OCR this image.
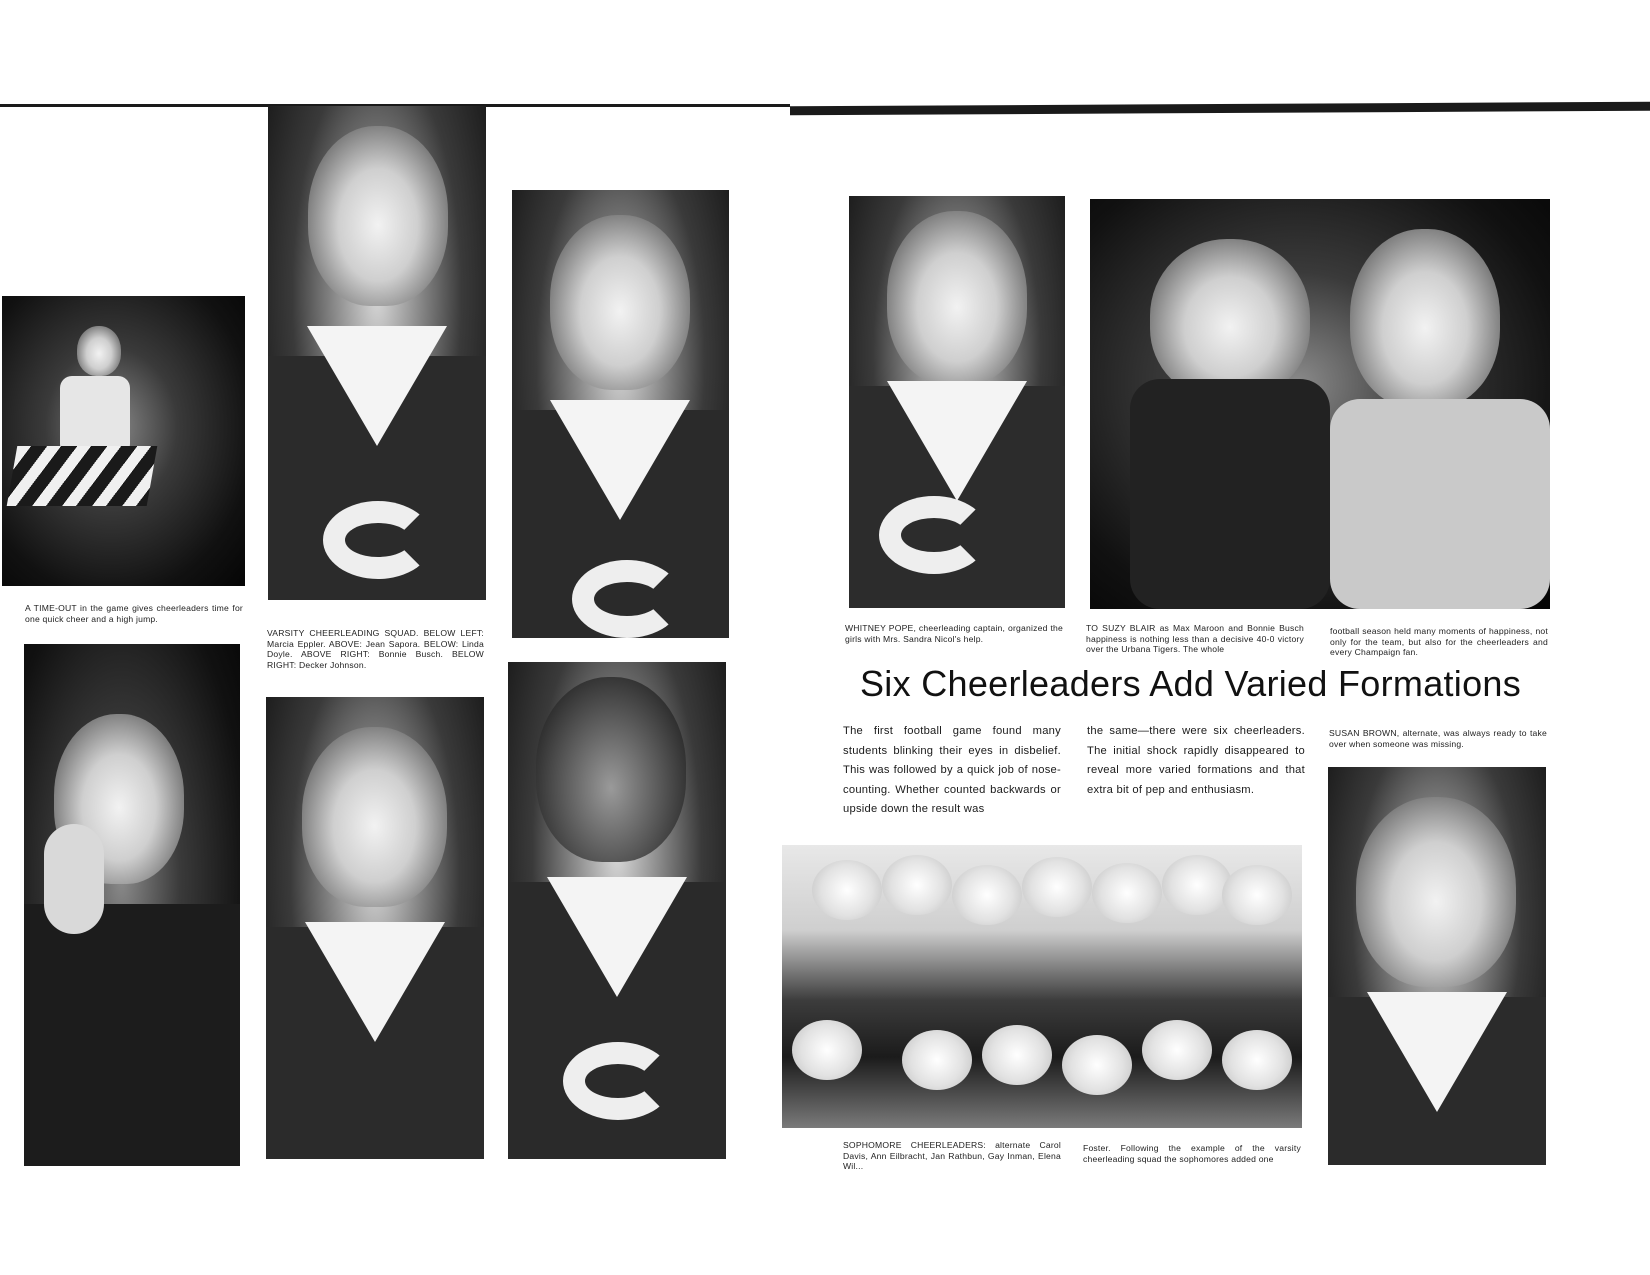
A TIME-OUT in the game gives cheerleaders time for one quick cheer and a high jump.
VARSITY CHEERLEADING SQUAD. BELOW LEFT: Marcia Eppler. ABOVE: Jean Sapora. BELOW: Linda Doyle. ABOVE RIGHT: Bonnie Busch. BELOW RIGHT: Decker Johnson.
WHITNEY POPE, cheerleading captain, organized the girls with Mrs. Sandra Nicol's help.
TO SUZY BLAIR as Max Maroon and Bonnie Busch happiness is nothing less than a decisive 40-0 victory over the Urbana Tigers. The whole
football season held many moments of happiness, not only for the team, but also for the cheerleaders and every Champaign fan.
Six Cheerleaders Add Varied Formations
The first football game found many students blinking their eyes in disbelief. This was followed by a quick job of nose-counting. Whether counted backwards or upside down the result was
the same—there were six cheerleaders. The initial shock rapidly disappeared to reveal more varied formations and that extra bit of pep and enthusiasm.
SUSAN BROWN, alternate, was always ready to take over when someone was missing.
SOPHOMORE CHEERLEADERS: alternate Carol Davis, Ann Eilbracht, Jan Rathbun, Gay Inman, Elena Wil...
Foster. Following the example of the varsity cheerleading squad the sophomores added one
